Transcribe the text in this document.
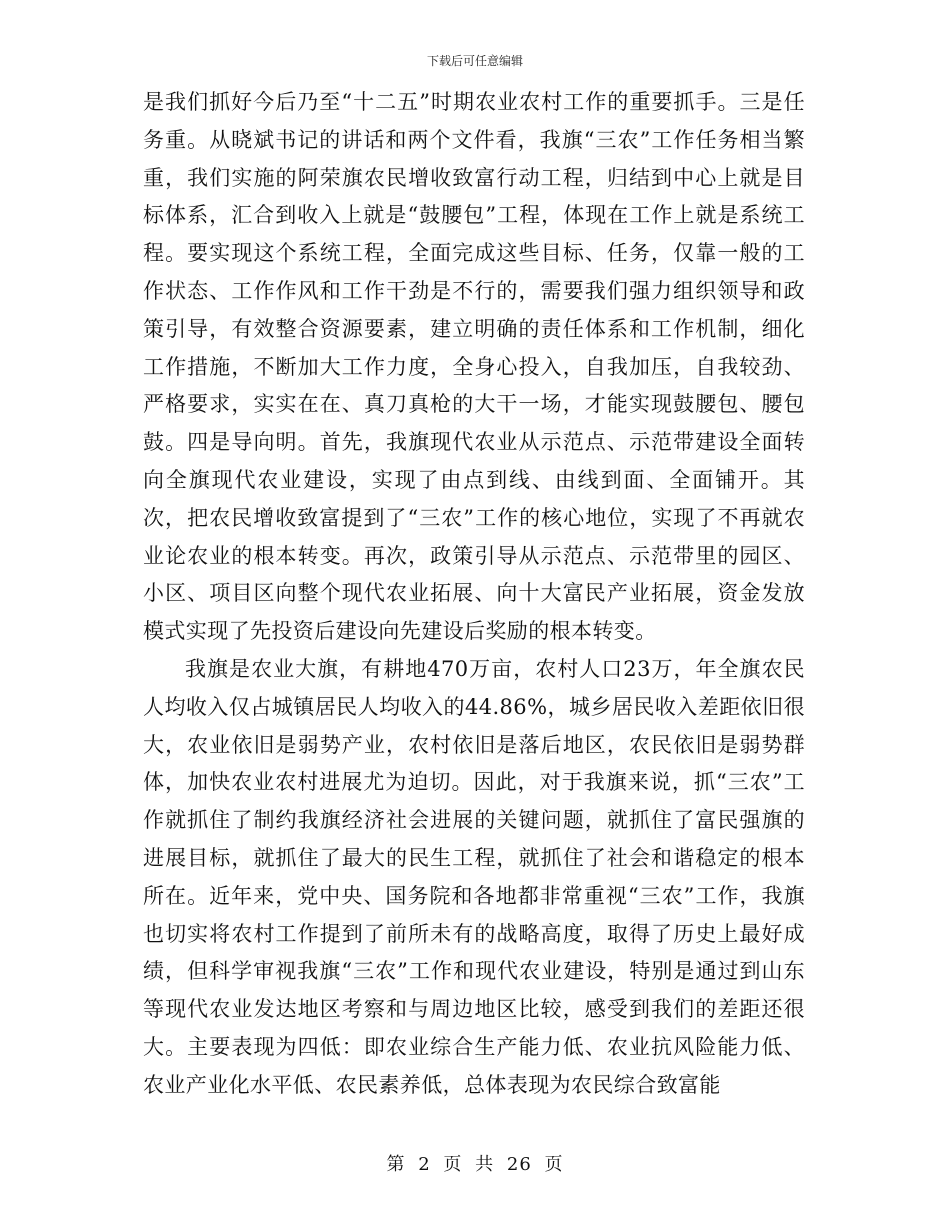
下载后可任意编辑

是我们抓好今后乃至“十二五”时期农业农村工作的重要抓手。三是任务重。从晓斌书记的讲话和两个文件看，我旗“三农”工作任务相当繁重，我们实施的阿荣旗农民增收致富行动工程，归结到中心上就是目标体系，汇合到收入上就是“鼓腰包”工程，体现在工作上就是系统工程。要实现这个系统工程，全面完成这些目标、任务，仅靠一般的工作状态、工作作风和工作干劲是不行的，需要我们强力组织领导和政策引导，有效整合资源要素，建立明确的责任体系和工作机制，细化工作措施，不断加大工作力度，全身心投入，自我加压，自我较劲、严格要求，实实在在、真刀真枪的大干一场，才能实现鼓腰包、腰包鼓。四是导向明。首先，我旗现代农业从示范点、示范带建设全面转向全旗现代农业建设，实现了由点到线、由线到面、全面铺开。其次，把农民增收致富提到了“三农”工作的核心地位，实现了不再就农业论农业的根本转变。再次，政策引导从示范点、示范带里的园区、小区、项目区向整个现代农业拓展、向十大富民产业拓展，资金发放模式实现了先投资后建设向先建设后奖励的根本转变。

我旗是农业大旗，有耕地470万亩，农村人口23万，年全旗农民人均收入仅占城镇居民人均收入的44.86%，城乡居民收入差距依旧很大，农业依旧是弱势产业，农村依旧是落后地区，农民依旧是弱势群体，加快农业农村进展尤为迫切。因此，对于我旗来说，抓“三农”工作就抓住了制约我旗经济社会进展的关键问题，就抓住了富民强旗的进展目标，就抓住了最大的民生工程，就抓住了社会和谐稳定的根本所在。近年来，党中央、国务院和各地都非常重视“三农”工作，我旗也切实将农村工作提到了前所未有的战略高度，取得了历史上最好成绩，但科学审视我旗“三农”工作和现代农业建设，特别是通过到山东等现代农业发达地区考察和与周边地区比较，感受到我们的差距还很大。主要表现为四低：即农业综合生产能力低、农业抗风险能力低、农业产业化水平低、农民素养低，总体表现为农民综合致富能

第 2 页 共 26 页
